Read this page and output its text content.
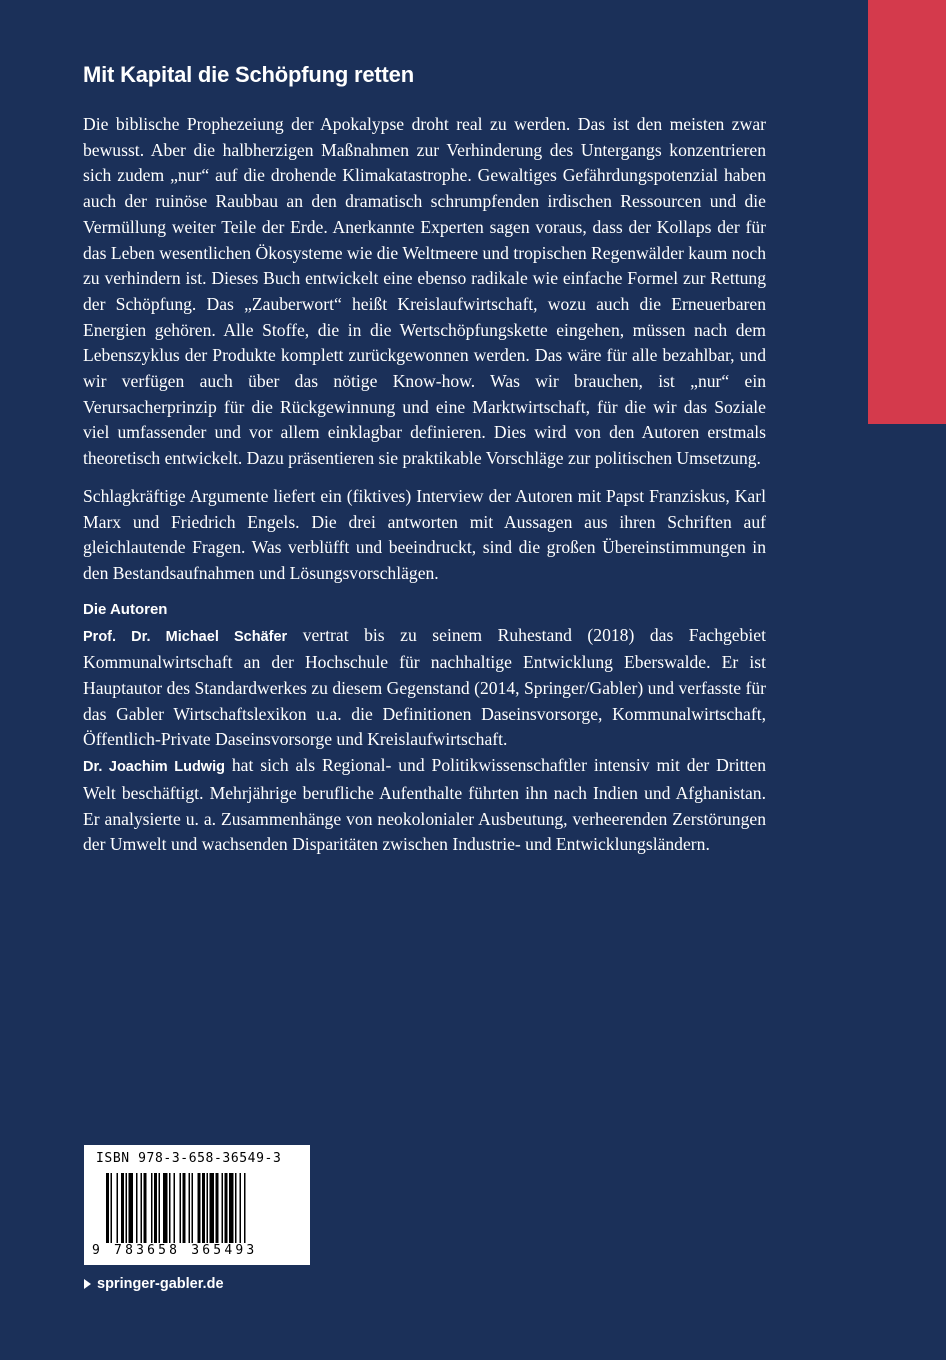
Mit Kapital die Schöpfung retten

Die biblische Prophezeiung der Apokalypse droht real zu werden. Das ist den meisten zwar bewusst. Aber die halbherzigen Maßnahmen zur Verhinderung des Untergangs konzentrieren sich zudem „nur“ auf die drohende Klimakatastrophe. Gewaltiges Gefährdungspotenzial haben auch der ruinöse Raubbau an den dramatisch schrumpfenden irdischen Ressourcen und die Vermüllung weiter Teile der Erde. Anerkannte Experten sagen voraus, dass der Kollaps der für das Leben wesentlichen Ökosysteme wie die Weltmeere und tropischen Regenwälder kaum noch zu verhindern ist. Dieses Buch entwickelt eine ebenso radikale wie einfache Formel zur Rettung der Schöpfung. Das „Zauberwort“ heißt Kreislaufwirtschaft, wozu auch die Erneuerbaren Energien gehören. Alle Stoffe, die in die Wertschöpfungskette eingehen, müssen nach dem Lebenszyklus der Produkte komplett zurückgewonnen werden. Das wäre für alle bezahlbar, und wir verfügen auch über das nötige Know-how. Was wir brauchen, ist „nur“ ein Verursacherprinzip für die Rückgewinnung und eine Marktwirtschaft, für die wir das Soziale viel umfassender und vor allem einklagbar definieren. Dies wird von den Autoren erstmals theoretisch entwickelt. Dazu präsentieren sie praktikable Vorschläge zur politischen Umsetzung.

Schlagkräftige Argumente liefert ein (fiktives) Interview der Autoren mit Papst Franziskus, Karl Marx und Friedrich Engels. Die drei antworten mit Aussagen aus ihren Schriften auf gleichlautende Fragen. Was verblüfft und beeindruckt, sind die großen Übereinstimmungen in den Bestandsaufnahmen und Lösungsvorschlägen.

Die Autoren

Prof. Dr. Michael Schäfer vertrat bis zu seinem Ruhestand (2018) das Fachgebiet Kommunalwirtschaft an der Hochschule für nachhaltige Entwicklung Eberswalde. Er ist Hauptautor des Standardwerkes zu diesem Gegenstand (2014, Springer/Gabler) und verfasste für das Gabler Wirtschaftslexikon u.a. die Definitionen Daseinsvorsorge, Kommunalwirtschaft, Öffentlich-Private Daseinsvorsorge und Kreislaufwirtschaft.

Dr. Joachim Ludwig hat sich als Regional- und Politikwissenschaftler intensiv mit der Dritten Welt beschäftigt. Mehrjährige berufliche Aufenthalte führten ihn nach Indien und Afghanistan. Er analysierte u. a. Zusammenhänge von neokolonialer Ausbeutung, verheerenden Zerstörungen der Umwelt und wachsenden Disparitäten zwischen Industrie- und Entwicklungsländern.

ISBN 978-3-658-36549-3
9 783658 365493
springer-gabler.de
